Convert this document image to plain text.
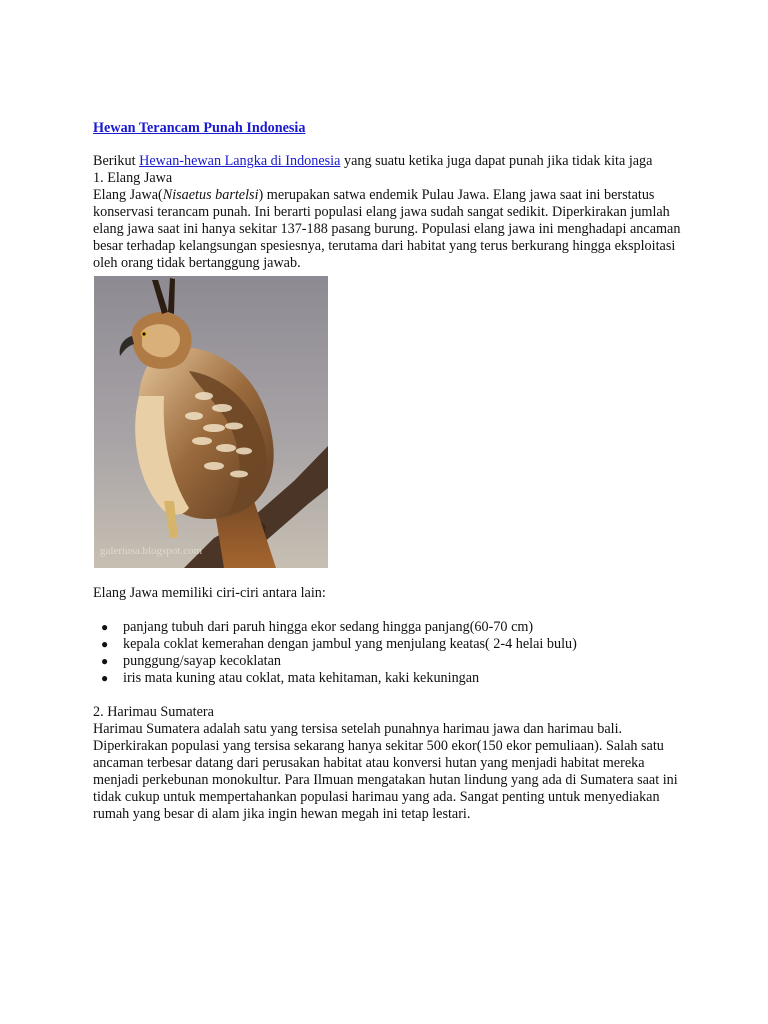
Hewan Terancam Punah Indonesia

Berikut Hewan-hewan Langka di Indonesia yang suatu ketika juga dapat punah jika tidak kita jaga

1. Elang Jawa

Elang Jawa(Nisaetus bartelsi) merupakan satwa endemik Pulau Jawa. Elang jawa saat ini berstatus konservasi terancam punah. Ini berarti populasi elang jawa sudah sangat sedikit. Diperkirakan jumlah elang jawa saat ini hanya sekitar 137-188 pasang burung. Populasi elang jawa ini menghadapi ancaman besar terhadap kelangsungan spesiesnya, terutama dari habitat yang terus berkurang hingga eksploitasi oleh orang tidak bertanggung jawab.

galeriusa.blogspot.com

Elang Jawa memiliki ciri-ciri antara lain:

● panjang tubuh dari paruh hingga ekor sedang hingga panjang(60-70 cm)
● kepala coklat kemerahan dengan jambul yang menjulang keatas( 2-4 helai bulu)
● punggung/sayap kecoklatan
● iris mata kuning atau coklat, mata kehitaman, kaki kekuningan

2. Harimau Sumatera

Harimau Sumatera adalah satu yang tersisa setelah punahnya harimau jawa dan harimau bali. Diperkirakan populasi yang tersisa sekarang hanya sekitar 500 ekor(150 ekor pemuliaan). Salah satu ancaman terbesar datang dari perusakan habitat atau konversi hutan yang menjadi habitat mereka menjadi perkebunan monokultur. Para Ilmuan mengatakan hutan lindung yang ada di Sumatera saat ini tidak cukup untuk mempertahankan populasi harimau yang ada. Sangat penting untuk menyediakan rumah yang besar di alam jika ingin hewan megah ini tetap lestari.
